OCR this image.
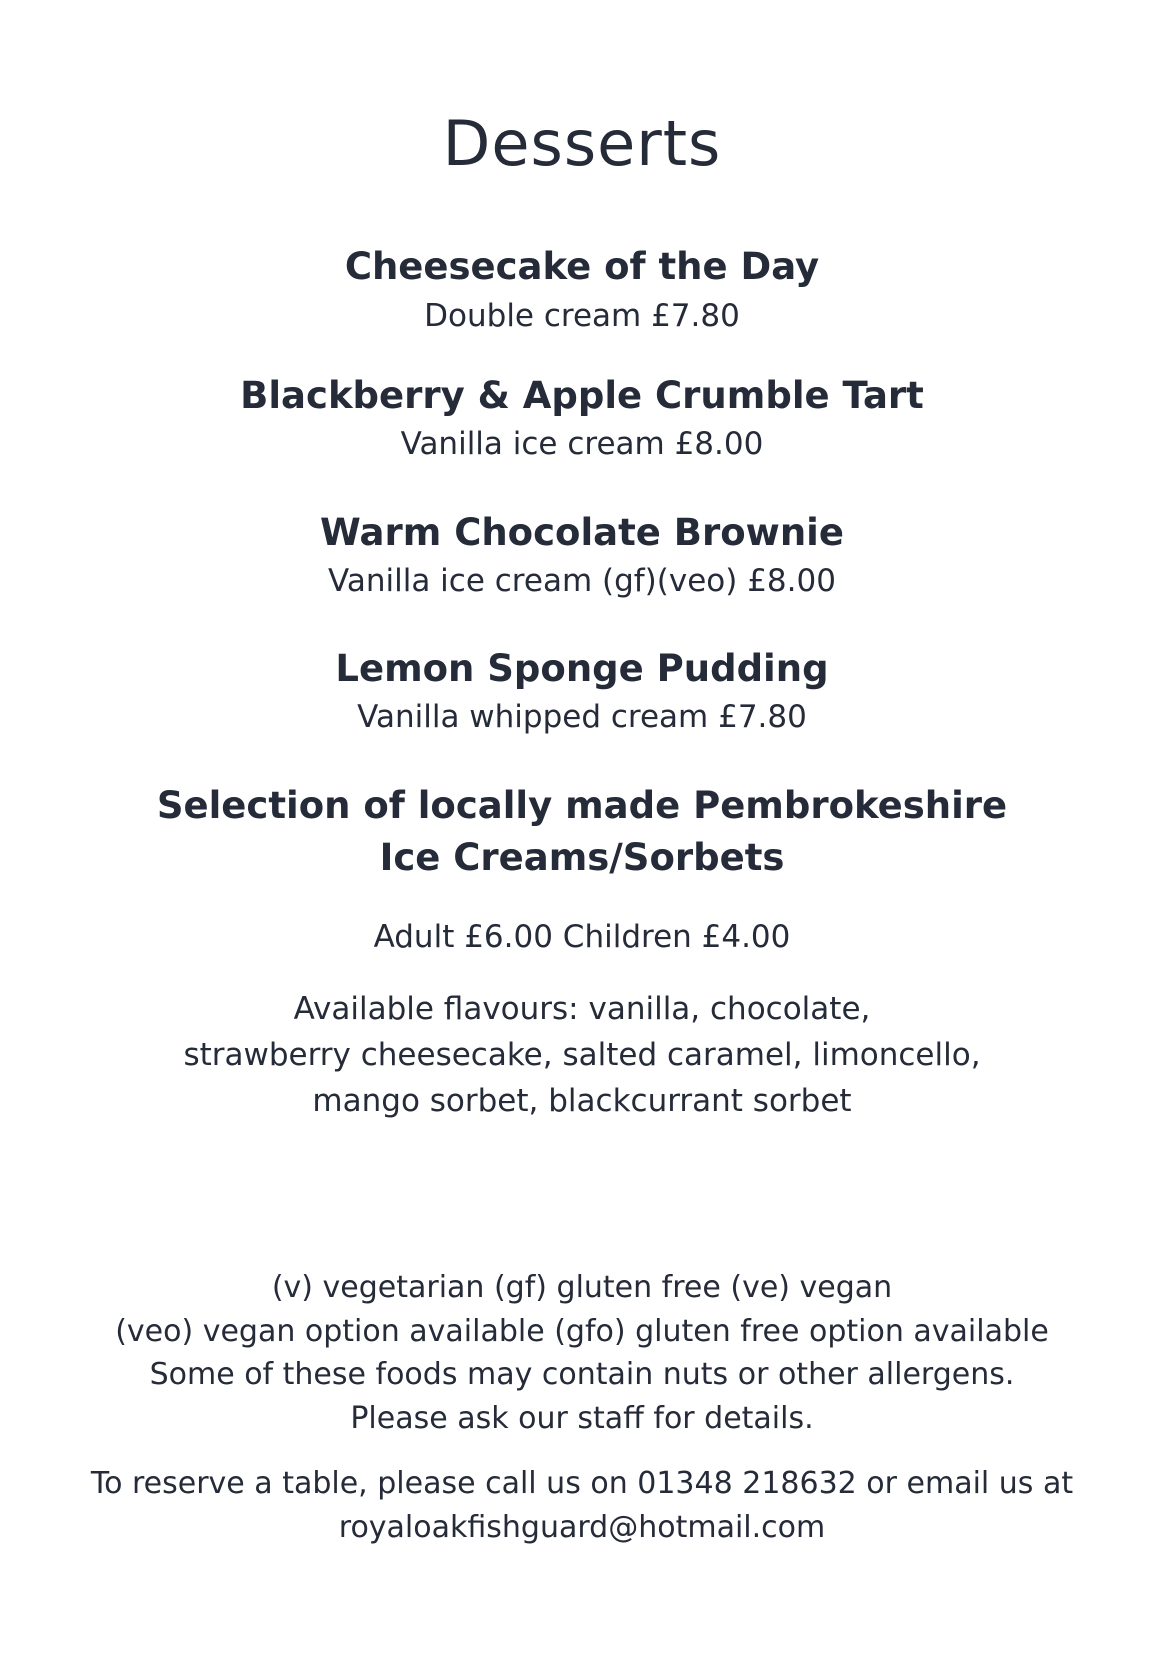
Desserts

Cheesecake of the Day

Double cream £7.80

Blackberry & Apple Crumble Tart

Vanilla ice cream £8.00

Warm Chocolate Brownie

Vanilla ice cream (gf)(veo) £8.00

Lemon Sponge Pudding

Vanilla whipped cream £7.80

Selection of locally made Pembrokeshire

Ice Creams/Sorbets

Adult £6.00 Children £4.00

Available flavours: vanilla, chocolate,

strawberry cheesecake, salted caramel, limoncello,

mango sorbet, blackcurrant sorbet

(v) vegetarian (gf) gluten free (ve) vegan

(veo) vegan option available (gfo) gluten free option available

Some of these foods may contain nuts or other allergens.

Please ask our staff for details.

To reserve a table, please call us on 01348 218632 or email us at

royaloakfishguard@hotmail.com
